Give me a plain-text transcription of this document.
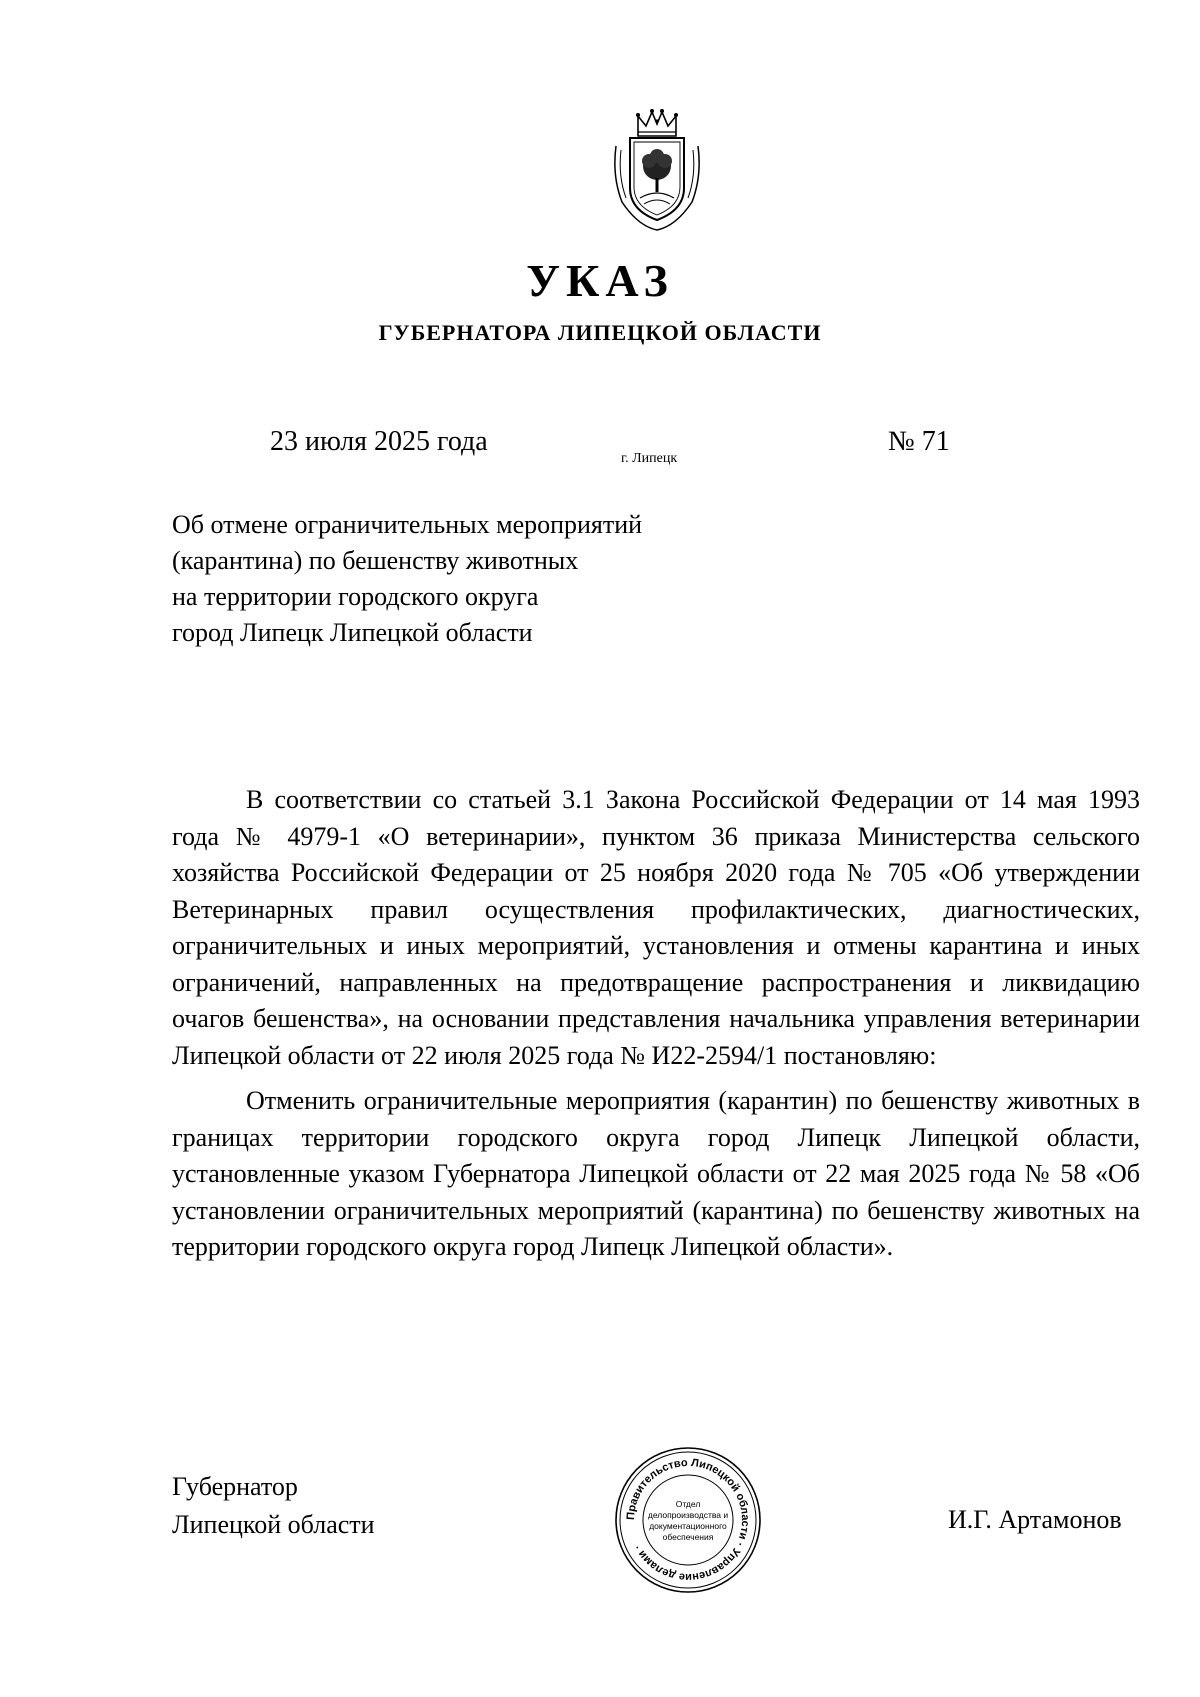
УКАЗ
ГУБЕРНАТОРА ЛИПЕЦКОЙ ОБЛАСТИ
23 июля 2025 года
г. Липецк
№ 71
Об отмене ограничительных мероприятий
(карантина) по бешенству животных
на территории городского округа
город Липецк Липецкой области

В соответствии со статьей 3.1 Закона Российской Федерации от 14 мая 1993 года № 4979-1 «О ветеринарии», пунктом 36 приказа Министерства сельского хозяйства Российской Федерации от 25 ноября 2020 года № 705 «Об утверждении Ветеринарных правил осуществления профилактических, диагностических, ограничительных и иных мероприятий, установления и отмены карантина и иных ограничений, направленных на предотвращение распространения и ликвидацию очагов бешенства», на основании представления начальника управления ветеринарии Липецкой области от 22 июля 2025 года № И22-2594/1 постановляю:

Отменить ограничительные мероприятия (карантин) по бешенству животных в границах территории городского округа город Липецк Липецкой области, установленные указом Губернатора Липецкой области от 22 мая 2025 года № 58 «Об установлении ограничительных мероприятий (карантина) по бешенству животных на территории городского округа город Липецк Липецкой области».

Губернатор
Липецкой области	Правительство Липецкой области · Управление делами ·
Отдел
делопроизводства и
документационного
обеспечения
И.Г. Артамонов
